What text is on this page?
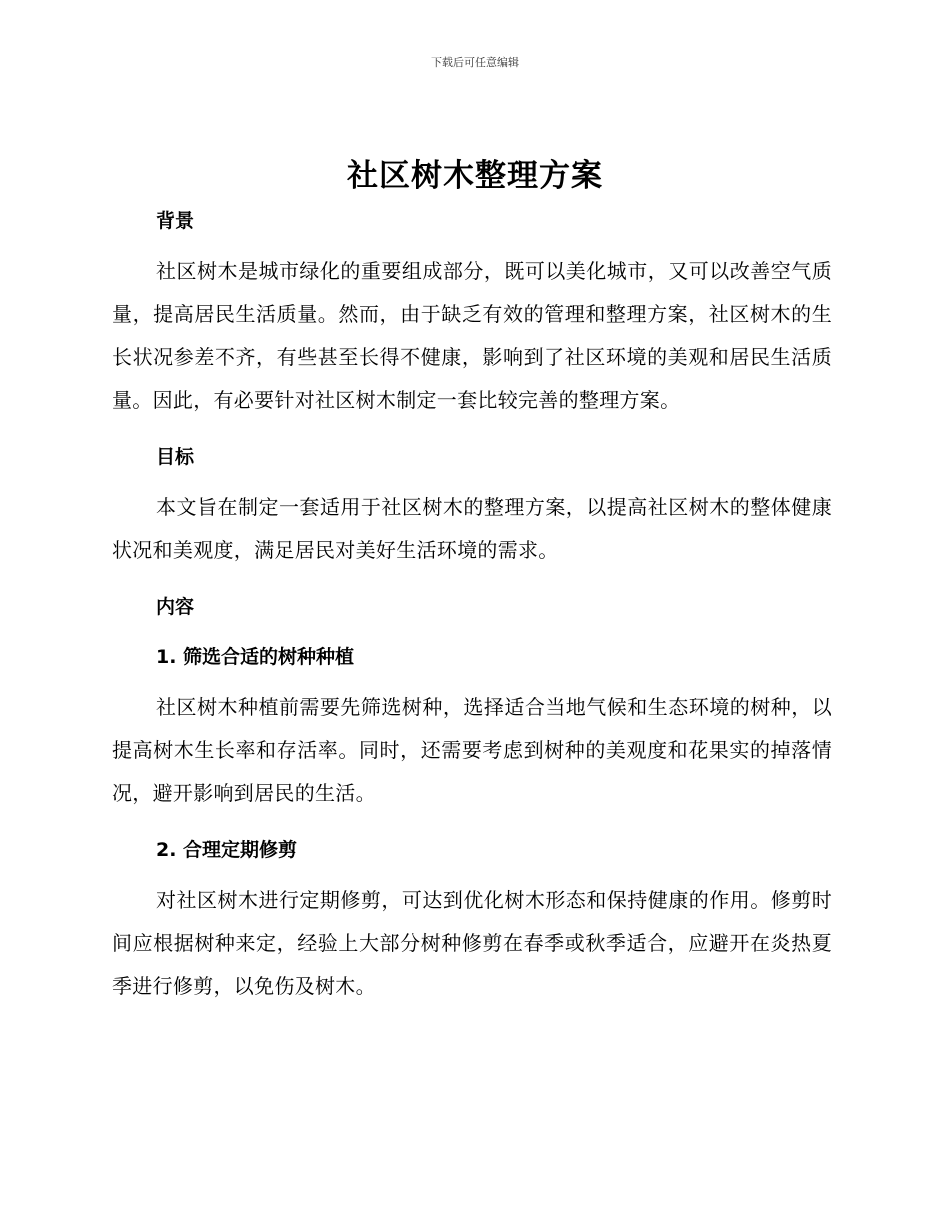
下载后可任意编辑
社区树木整理方案
背景

社区树木是城市绿化的重要组成部分，既可以美化城市，又可以改善空气质量，提高居民生活质量。然而，由于缺乏有效的管理和整理方案，社区树木的生长状况参差不齐，有些甚至长得不健康，影响到了社区环境的美观和居民生活质量。因此，有必要针对社区树木制定一套比较完善的整理方案。

目标

本文旨在制定一套适用于社区树木的整理方案，以提高社区树木的整体健康状况和美观度，满足居民对美好生活环境的需求。

内容
1. 筛选合适的树种种植

社区树木种植前需要先筛选树种，选择适合当地气候和生态环境的树种，以提高树木生长率和存活率。同时，还需要考虑到树种的美观度和花果实的掉落情况，避开影响到居民的生活。

2. 合理定期修剪

对社区树木进行定期修剪，可达到优化树木形态和保持健康的作用。修剪时间应根据树种来定，经验上大部分树种修剪在春季或秋季适合，应避开在炎热夏季进行修剪，以免伤及树木。
